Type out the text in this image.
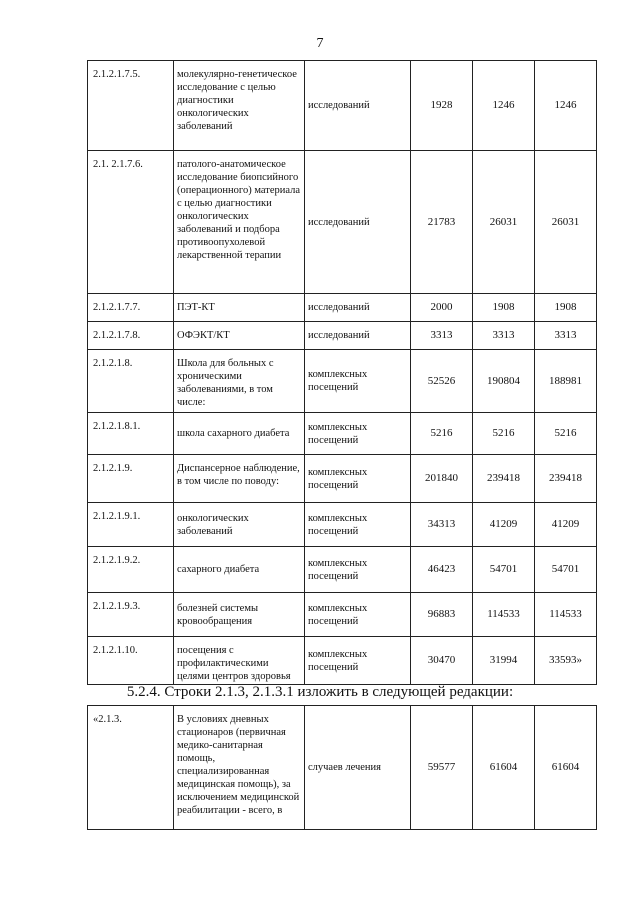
7
2.1.2.1.7.5.	молекулярно-генетическое исследование с целью диагностики онкологических заболеваний	исследований	1928	1246	1246
2.1. 2.1.7.6.	патолого-анатомическое исследование биопсийного (операционного) материала с целью диагностики онкологических заболеваний и подбора противоопухолевой лекарственной терапии	исследований	21783	26031	26031
2.1.2.1.7.7.	ПЭТ-КТ	исследований	2000	1908	1908
2.1.2.1.7.8.	ОФЭКТ/КТ	исследований	3313	3313	3313
2.1.2.1.8.	Школа для больных с хроническими заболеваниями, в том числе:	комплексных посещений	52526	190804	188981
2.1.2.1.8.1.	школа сахарного диабета	комплексных посещений	5216	5216	5216
2.1.2.1.9.	Диспансерное наблюдение, в том числе по поводу:	комплексных посещений	201840	239418	239418
2.1.2.1.9.1.	онкологических заболеваний	комплексных посещений	34313	41209	41209
2.1.2.1.9.2.	сахарного диабета	комплексных посещений	46423	54701	54701
2.1.2.1.9.3.	болезней системы кровообращения	комплексных посещений	96883	114533	114533
2.1.2.1.10.	посещения с профилактическими целями центров здоровья	комплексных посещений	30470	31994	33593»
5.2.4. Строки 2.1.3, 2.1.3.1 изложить в следующей редакции:
«2.1.3.	В условиях дневных стационаров (первичная медико-санитарная помощь, специализированная медицинская помощь), за исключением медицинской реабилитации - всего, в	случаев лечения	59577	61604	61604
